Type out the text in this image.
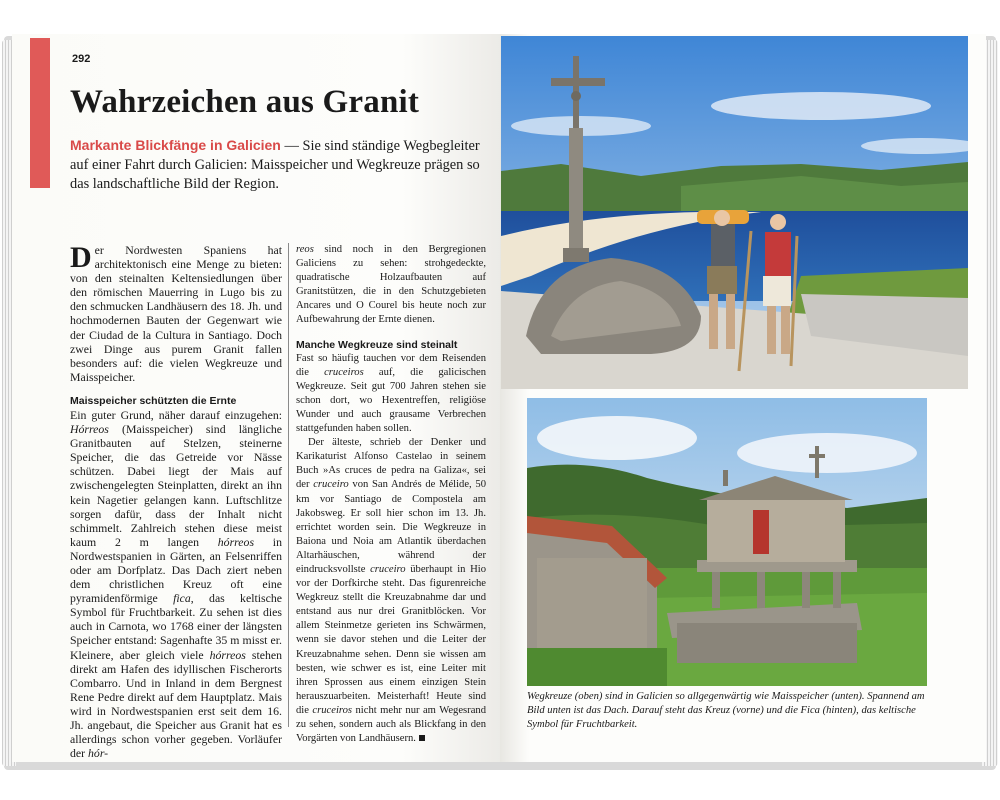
292
Wahrzeichen aus Granit
Markante Blickfänge in Galicien — Sie sind ständige Wegbegleiter auf einer Fahrt durch Galicien: Maisspeicher und Wegkreuze prägen so das landschaftliche Bild der Region.

Der Nordwesten Spaniens hat architektonisch eine Menge zu bieten: von den steinalten Keltensiedlungen über den römischen Mauerring in Lugo bis zu den schmucken Landhäusern des 18. Jh. und hochmodernen Bauten der Gegenwart wie der Ciudad de la Cultura in Santiago. Doch zwei Dinge aus purem Granit fallen besonders auf: die vielen Wegkreuze und Maisspeicher.

Maisspeicher schützten die Ernte

Ein guter Grund, näher darauf einzugehen: Hórreos (Maisspeicher) sind längliche Granitbauten auf Stelzen, steinerne Speicher, die das Getreide vor Nässe schützen. Dabei liegt der Mais auf zwischengelegten Steinplatten, direkt an ihn kein Nagetier gelangen kann. Luftschlitze sorgen dafür, dass der Inhalt nicht schimmelt. Zahlreich stehen diese meist kaum 2 m langen hórreos in Nordwestspanien in Gärten, an Felsenriffen oder am Dorfplatz. Das Dach ziert neben dem christlichen Kreuz oft eine pyramidenförmige fica, das keltische Symbol für Fruchtbarkeit. Zu sehen ist dies auch in Carnota, wo 1768 einer der längsten Speicher entstand: Sagenhafte 35 m misst er. Kleinere, aber gleich viele hórreos stehen direkt am Hafen des idyllischen Fischerorts Combarro. Und in Inland in dem Bergnest Rene Pedre direkt auf dem Hauptplatz. Mais wird in Nordwestspanien erst seit dem 16. Jh. angebaut, die Speicher aus Granit hat es allerdings schon vorher gegeben. Vorläufer der hór-

reos sind noch in den Bergregionen Galiciens zu sehen: strohgedeckte, quadratische Holzaufbauten auf Granitstützen, die in den Schutzgebieten Ancares und O Courel bis heute noch zur Aufbewahrung der Ernte dienen.

Manche Wegkreuze sind steinalt

Fast so häufig tauchen vor dem Reisenden die cruceiros auf, die galicischen Wegkreuze. Seit gut 700 Jahren stehen sie schon dort, wo Hexentreffen, religiöse Wunder und auch grausame Verbrechen stattgefunden haben sollen.

Der älteste, schrieb der Denker und Karikaturist Alfonso Castelao in seinem Buch »As cruces de pedra na Galiza«, sei der cruceiro von San Andrés de Mélide, 50 km vor Santiago de Compostela am Jakobsweg. Er soll hier schon im 13. Jh. errichtet worden sein. Die Wegkreuze in Baiona und Noia am Atlantik überdachen Altarhäuschen, während der eindrucksvollste cruceiro überhaupt in Hio vor der Dorfkirche steht. Das figurenreiche Wegkreuz stellt die Kreuzabnahme dar und entstand aus nur drei Granitblöcken. Vor allem Steinmetze gerieten ins Schwärmen, wenn sie davor stehen und die Leiter der Kreuzabnahme sehen. Denn sie wissen am besten, wie schwer es ist, eine Leiter mit ihren Sprossen aus einem einzigen Stein herauszuarbeiten. Meisterhaft! Heute sind die cruceiros nicht mehr nur am Wegesrand zu sehen, sondern auch als Blickfang in den Vorgärten von Landhäusern.

Wegkreuze (oben) sind in Galicien so allgegenwärtig wie Maisspeicher (unten). Spannend am Bild unten ist das Dach. Darauf steht das Kreuz (vorne) und die Fica (hinten), das keltische Symbol für Fruchtbarkeit.
